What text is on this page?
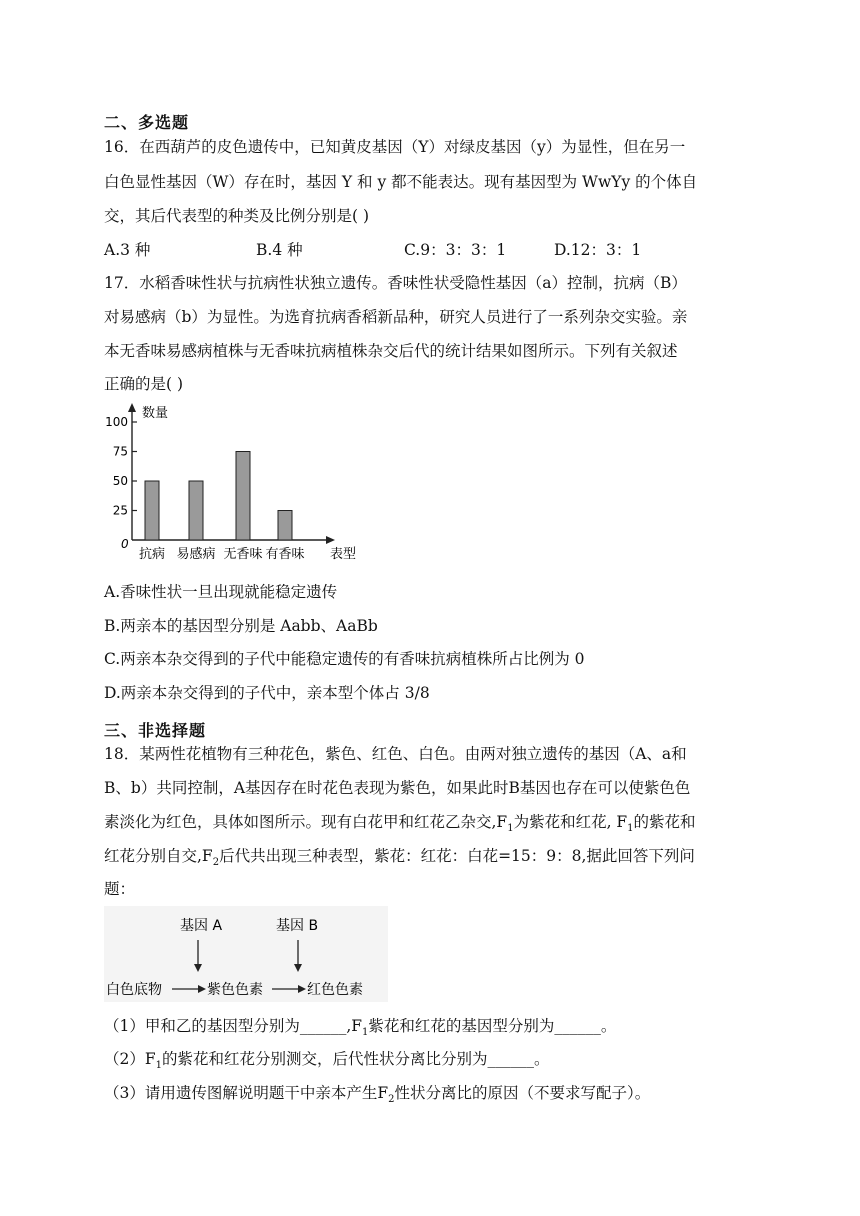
二、多选题
16．在西葫芦的皮色遗传中，已知黄皮基因（Y）对绿皮基因（y）为显性，但在另一
白色显性基因（W）存在时，基因 Y 和 y 都不能表达。现有基因型为 WwYy 的个体自
交，其后代表型的种类及比例分别是( )
A.3 种	B.4 种	C.9：3：3：1	D.12：3：1
17．水稻香味性状与抗病性状独立遗传。香味性状受隐性基因（a）控制，抗病（B）
对易感病（b）为显性。为选育抗病香稻新品种，研究人员进行了一系列杂交实验。亲
本无香味易感病植株与无香味抗病植株杂交后代的统计结果如图所示。下列有关叙述
正确的是( )
数量
0
100
75
50
25
抗病 易感病 无香味 有香味 表型
A.香味性状一旦出现就能稳定遗传
B.两亲本的基因型分别是 Aabb、AaBb
C.两亲本杂交得到的子代中能稳定遗传的有香味抗病植株所占比例为 0
D.两亲本杂交得到的子代中，亲本型个体占 3/8
三、非选择题
18．某两性花植物有三种花色，紫色、红色、白色。由两对独立遗传的基因（A、a和
B、b）共同控制，A基因存在时花色表现为紫色，如果此时B基因也存在可以使紫色色
素淡化为红色，具体如图所示。现有白花甲和红花乙杂交$,F_1$为紫花和红花, $F_1$的紫花和
红花分别自交$,F_2$后代共出现三种表型，紫花：红花：白花=15：9：8,据此回答下列问
题：
基因 A	基因 B
白色底物	紫色色素	红色色素
（1）甲和乙的基因型分别为$\_\_\_\_\_\_,F_1$紫花和红花的基因型分别为______。
$(2)F_1$的紫花和红花分别测交，后代性状分离比分别为______。
（3）请用遗传图解说明题干中亲本产生$F_2$性状分离比的原因（不要求写配子）。
